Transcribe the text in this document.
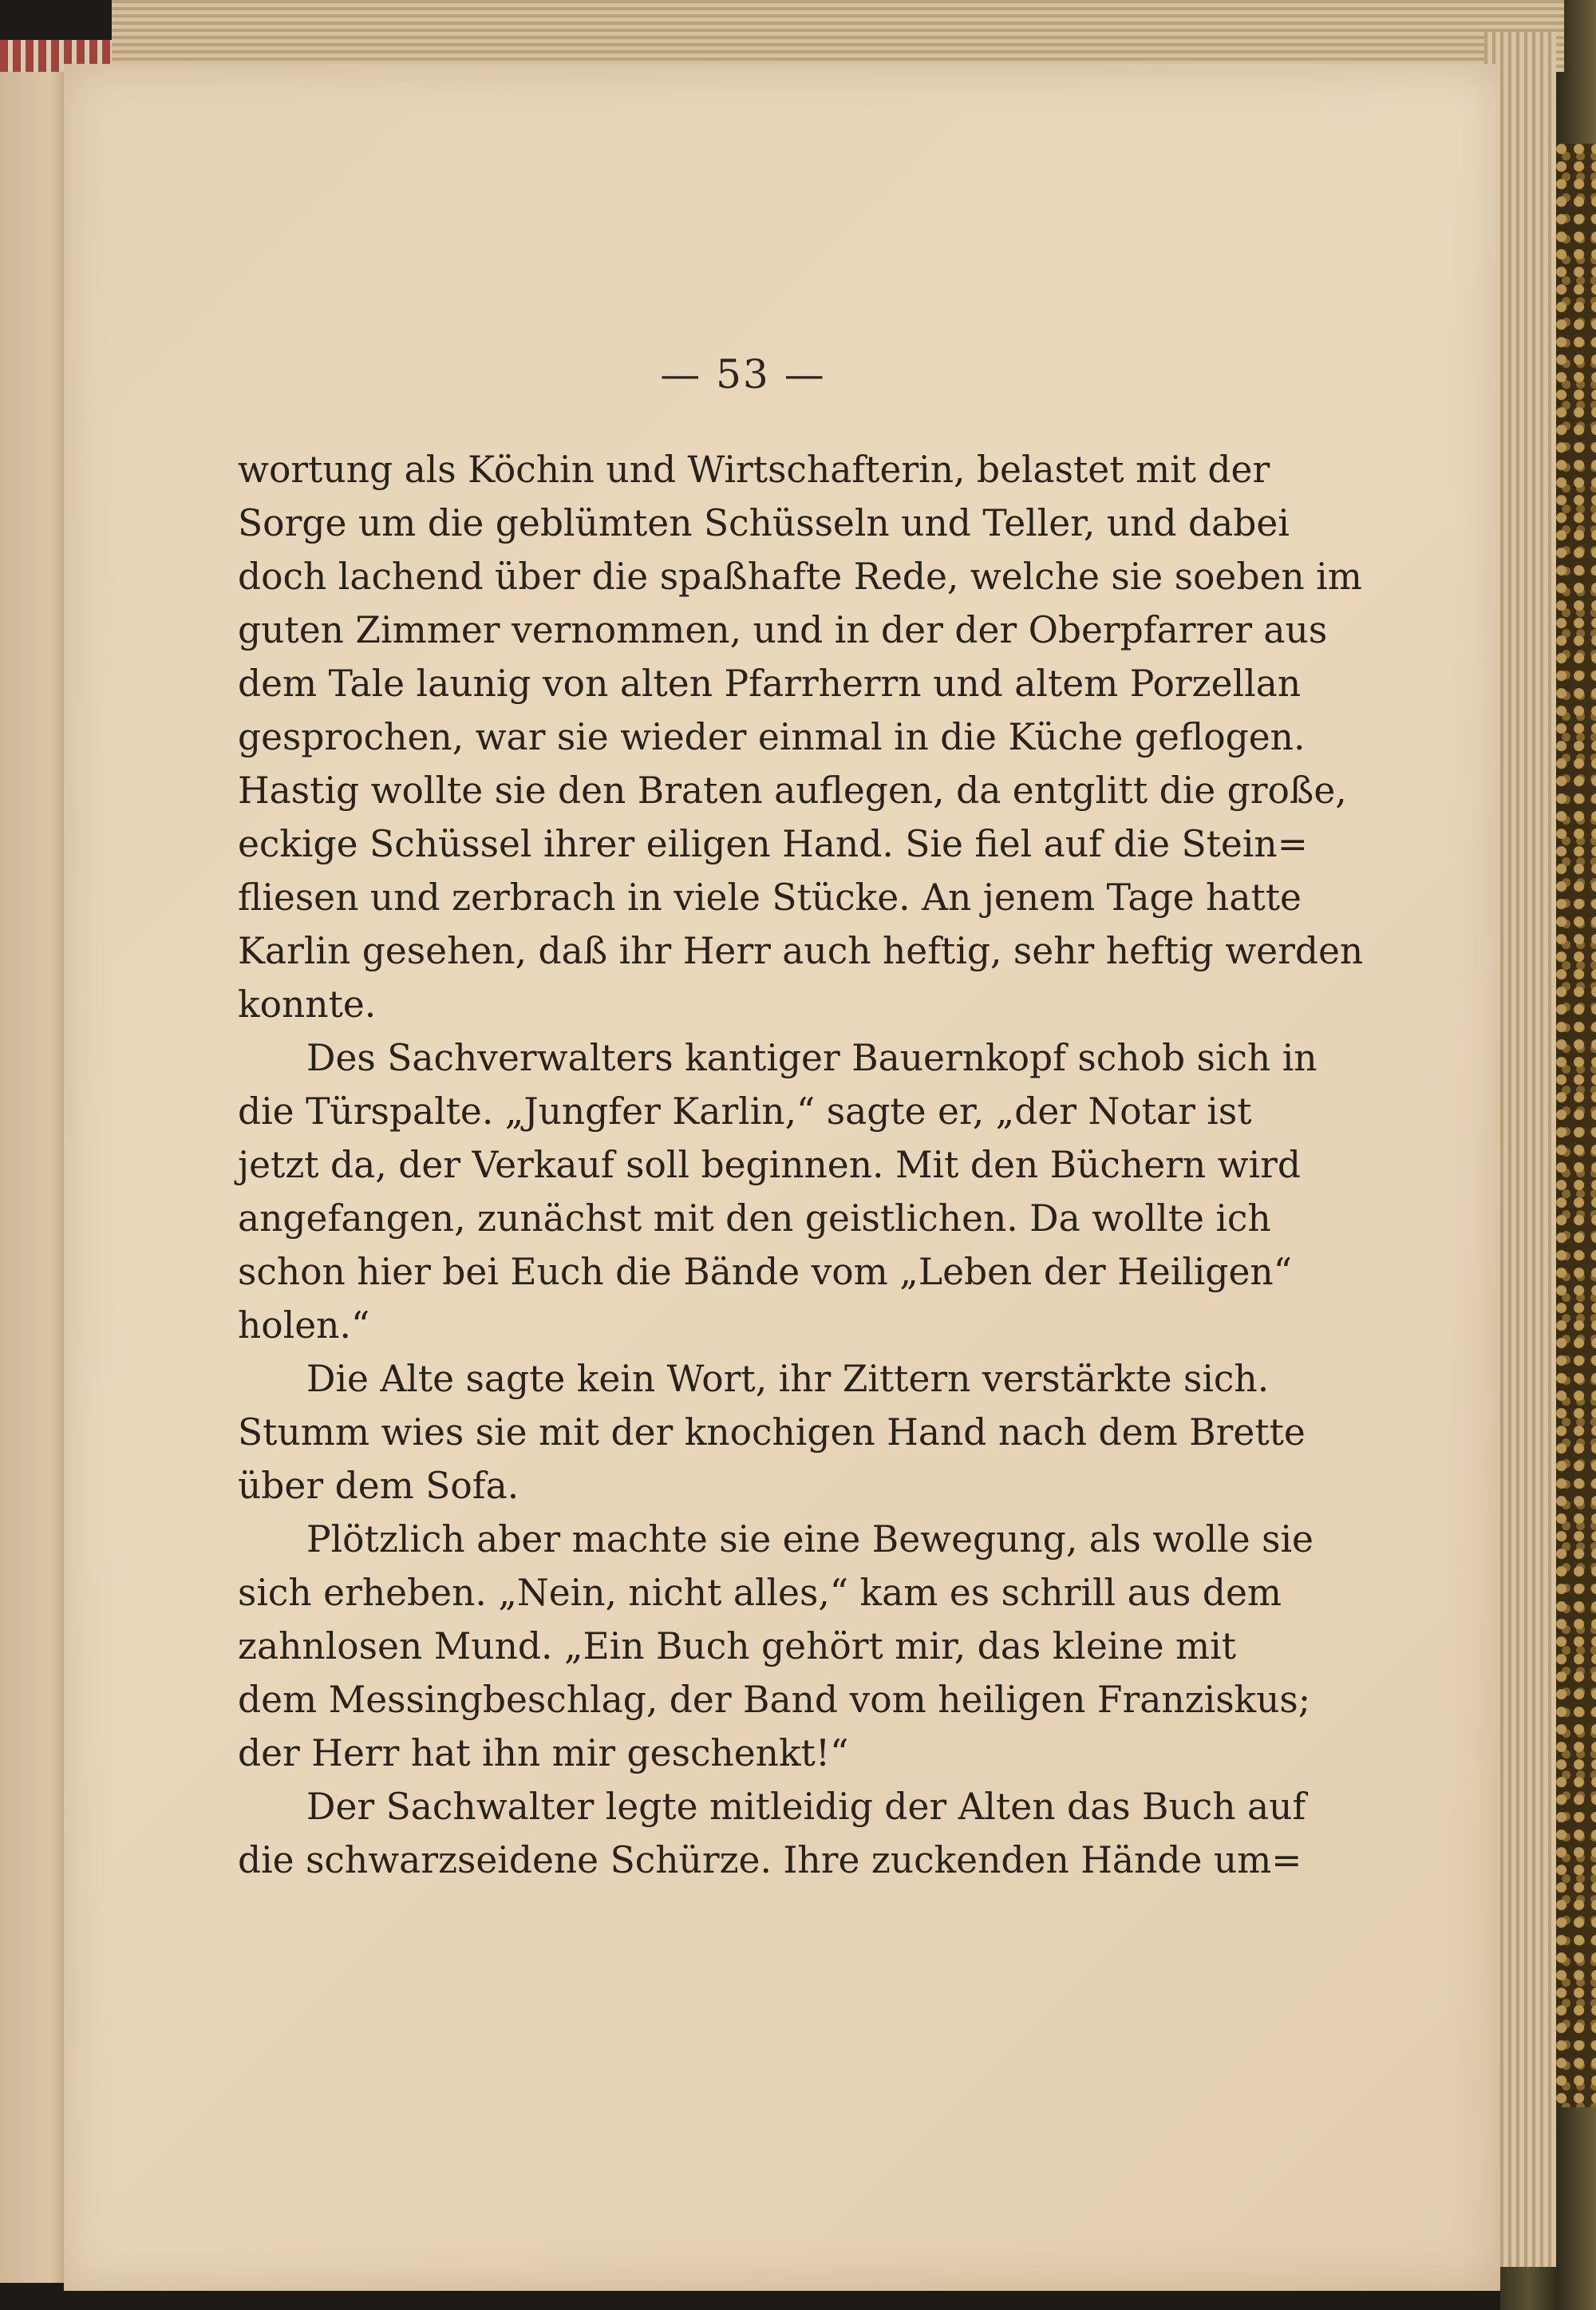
— 53 —
wortung als Köchin und Wirtschafterin, belastet mit der
Sorge um die geblümten Schüsseln und Teller, und dabei
doch lachend über die spaßhafte Rede, welche sie soeben im
guten Zimmer vernommen, und in der der Oberpfarrer aus
dem Tale launig von alten Pfarrherrn und altem Porzellan
gesprochen, war sie wieder einmal in die Küche geflogen.
Hastig wollte sie den Braten auflegen, da entglitt die große,
eckige Schüssel ihrer eiligen Hand. Sie fiel auf die Stein=
fliesen und zerbrach in viele Stücke. An jenem Tage hatte
Karlin gesehen, daß ihr Herr auch heftig, sehr heftig werden
konnte.
Des Sachverwalters kantiger Bauernkopf schob sich in
die Türspalte. „Jungfer Karlin,“ sagte er, „der Notar ist
jetzt da, der Verkauf soll beginnen. Mit den Büchern wird
angefangen, zunächst mit den geistlichen. Da wollte ich
schon hier bei Euch die Bände vom „Leben der Heiligen“
holen.“
Die Alte sagte kein Wort, ihr Zittern verstärkte sich.
Stumm wies sie mit der knochigen Hand nach dem Brette
über dem Sofa.
Plötzlich aber machte sie eine Bewegung, als wolle sie
sich erheben. „Nein, nicht alles,“ kam es schrill aus dem
zahnlosen Mund. „Ein Buch gehört mir, das kleine mit
dem Messingbeschlag, der Band vom heiligen Franziskus;
der Herr hat ihn mir geschenkt!“
Der Sachwalter legte mitleidig der Alten das Buch auf
die schwarzseidene Schürze. Ihre zuckenden Hände um=
